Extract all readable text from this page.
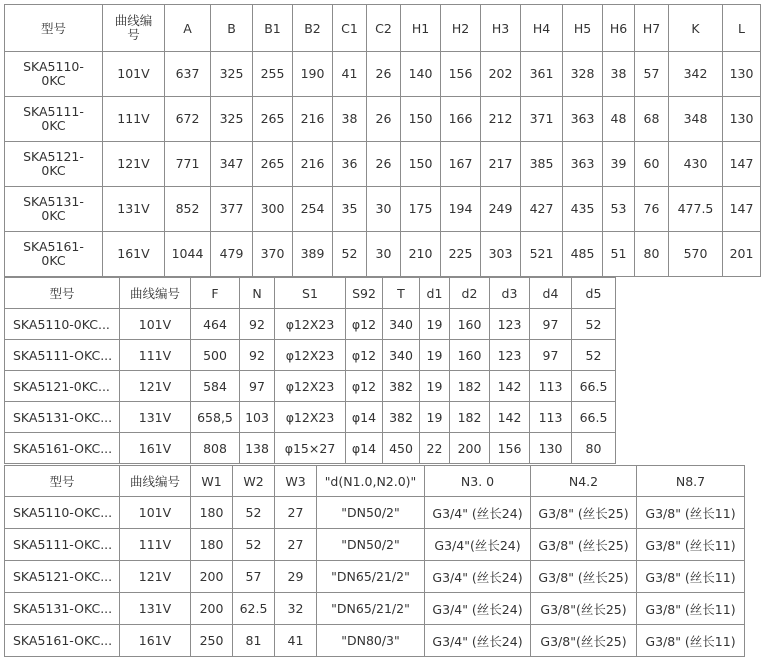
型号	曲线编
号	A	B	B1	B2	C1	C2	H1	H2	H3	H4	H5	H6	H7	K	L
SKA5110-
0KC	101V	637	325	255	190	41	26	140	156	202	361	328	38	57	342	130
SKA5111-
0KC	111V	672	325	265	216	38	26	150	166	212	371	363	48	68	348	130
SKA5121-
0KC	121V	771	347	265	216	36	26	150	167	217	385	363	39	60	430	147
SKA5131-
0KC	131V	852	377	300	254	35	30	175	194	249	427	435	53	76	477.5	147
SKA5161-
0KC	161V	1044	479	370	389	52	30	210	225	303	521	485	51	80	570	201
型号	曲线编号	F	N	S1	S92	T	d1	d2	d3	d4	d5
SKA5110-0KC...	101V	464	92	φ12X23	φ12	340	19	160	123	97	52
SKA5111-OKC...	111V	500	92	φ12X23	φ12	340	19	160	123	97	52
SKA5121-0KC...	121V	584	97	φ12X23	φ12	382	19	182	142	113	66.5
SKA5131-OKC...	131V	658,5	103	φ12X23	φ14	382	19	182	142	113	66.5
SKA5161-OKC...	161V	808	138	φ15×27	φ14	450	22	200	156	130	80
型号	曲线编号	W1	W2	W3	"d(N1.0,N2.0)"	N3. 0	N4.2	N8.7
SKA5110-OKC...	101V	180	52	27	"DN50/2"	G3/4" (丝长24)	G3/8" (丝长25)	G3/8" (丝长11)
SKA5111-OKC...	111V	180	52	27	"DN50/2"	G3/4"(丝长24)	G3/8" (丝长25)	G3/8" (丝长11)
SKA5121-OKC...	121V	200	57	29	"DN65/21/2"	G3/4" (丝长24)	G3/8" (丝长25)	G3/8" (丝长11)
SKA5131-OKC...	131V	200	62.5	32	"DN65/21/2"	G3/4" (丝长24)	G3/8"(丝长25)	G3/8" (丝长11)
SKA5161-OKC...	161V	250	81	41	"DN80/3"	G3/4" (丝长24)	G3/8"(丝长25)	G3/8" (丝长11)
